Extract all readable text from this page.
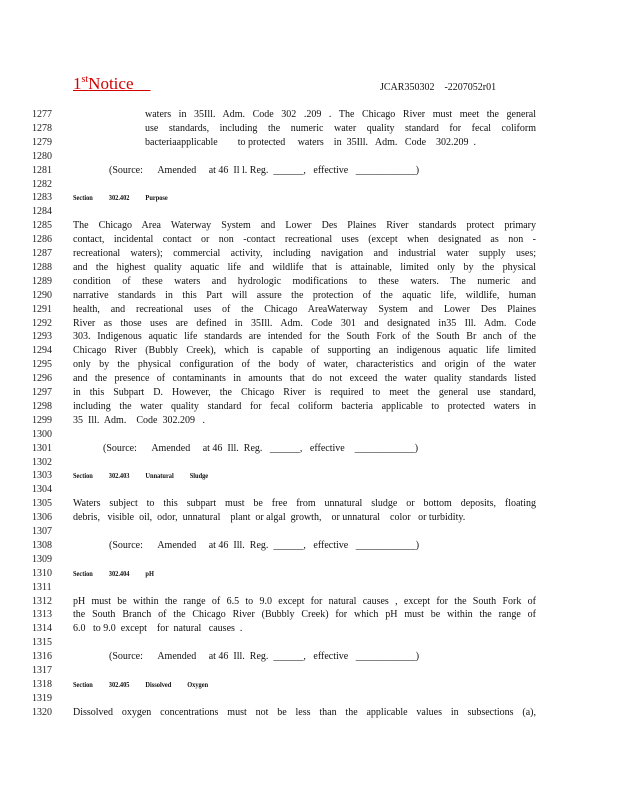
1stNotice	JCAR350302    -2207052r01
1277	waters in 35Ill. Adm. Code 302 .209 . The Chicago River must meet the general
1278	use standards, including the numeric water quality standard for fecal coliform
1279	bacteriaapplicable        to protected     waters    in  35Ill.   Adm.   Code    302.209  .
1280
1281	(Source:      Amended     at 46  Il l. Reg.  ______,   effective   ____________)
1282
1283	Section          302.402          Purpose
1284
1285 The Chicago Area Waterway System and Lower Des Plaines River standards protect primary
1286 contact, incidental contact or non -contact recreational uses (except when designated as non -
1287 recreational waters); commercial activity, including navigation and industrial water supply uses;
1288 and the highest quality aquatic life and wildlife that is attainable, limited only by the physical
1289 condition of these waters and hydrologic modifications to these waters. The numeric and
1290 narrative standards in this Part will assure the protection of the aquatic life, wildlife, human
1291 health, and recreational uses of the Chicago AreaWaterway System and Lower Des Plaines
1292 River as those uses are defined in 35Ill. Adm. Code 301 and designated in35 Ill. Adm. Code
1293 303. Indigenous aquatic life standards are intended for the South Fork of the South Br anch of the
1294 Chicago River (Bubbly Creek), which is capable of supporting an indigenous aquatic life limited
1295 only by the physical configuration of the body of water, characteristics and origin of the water
1296 and the presence of contaminants in amounts that do not exceed the water quality standards listed
1297 in this Subpart D. However, the Chicago River is required to meet the general use standard,
1298 including the water quality standard for fecal coliform bacteria applicable to protected waters in
1299 35  Ill.  Adm.    Code  302.209   .
1300
1301	(Source:      Amended     at 46  Ill.  Reg.   ______,   effective    ____________)
1302
1303	Section          302.403          Unnatural          Sludge
1304
1305 Waters subject to this subpart must be free from unnatural sludge or bottom deposits, floating
1306 debris,   visible  oil,  odor,  unnatural    plant  or algal  growth,    or unnatural    color   or turbidity.
1307
1308	(Source:      Amended     at 46  Ill.  Reg.  ______,   effective   ____________)
1309
1310	Section          302.404          pH
1311
1312 pH must be within the range of 6.5 to 9.0 except for natural causes , except for the South Fork of
1313 the South Branch of the Chicago River (Bubbly Creek) for which pH must be within the range of
1314 6.0   to 9.0  except    for  natural   causes  .
1315
1316	(Source:      Amended     at 46  Ill.  Reg.  ______,   effective   ____________)
1317
1318	Section          302.405          Dissolved          Oxygen
1319
1320 Dissolved oxygen concentrations must not be less than the applicable values in subsections (a),
